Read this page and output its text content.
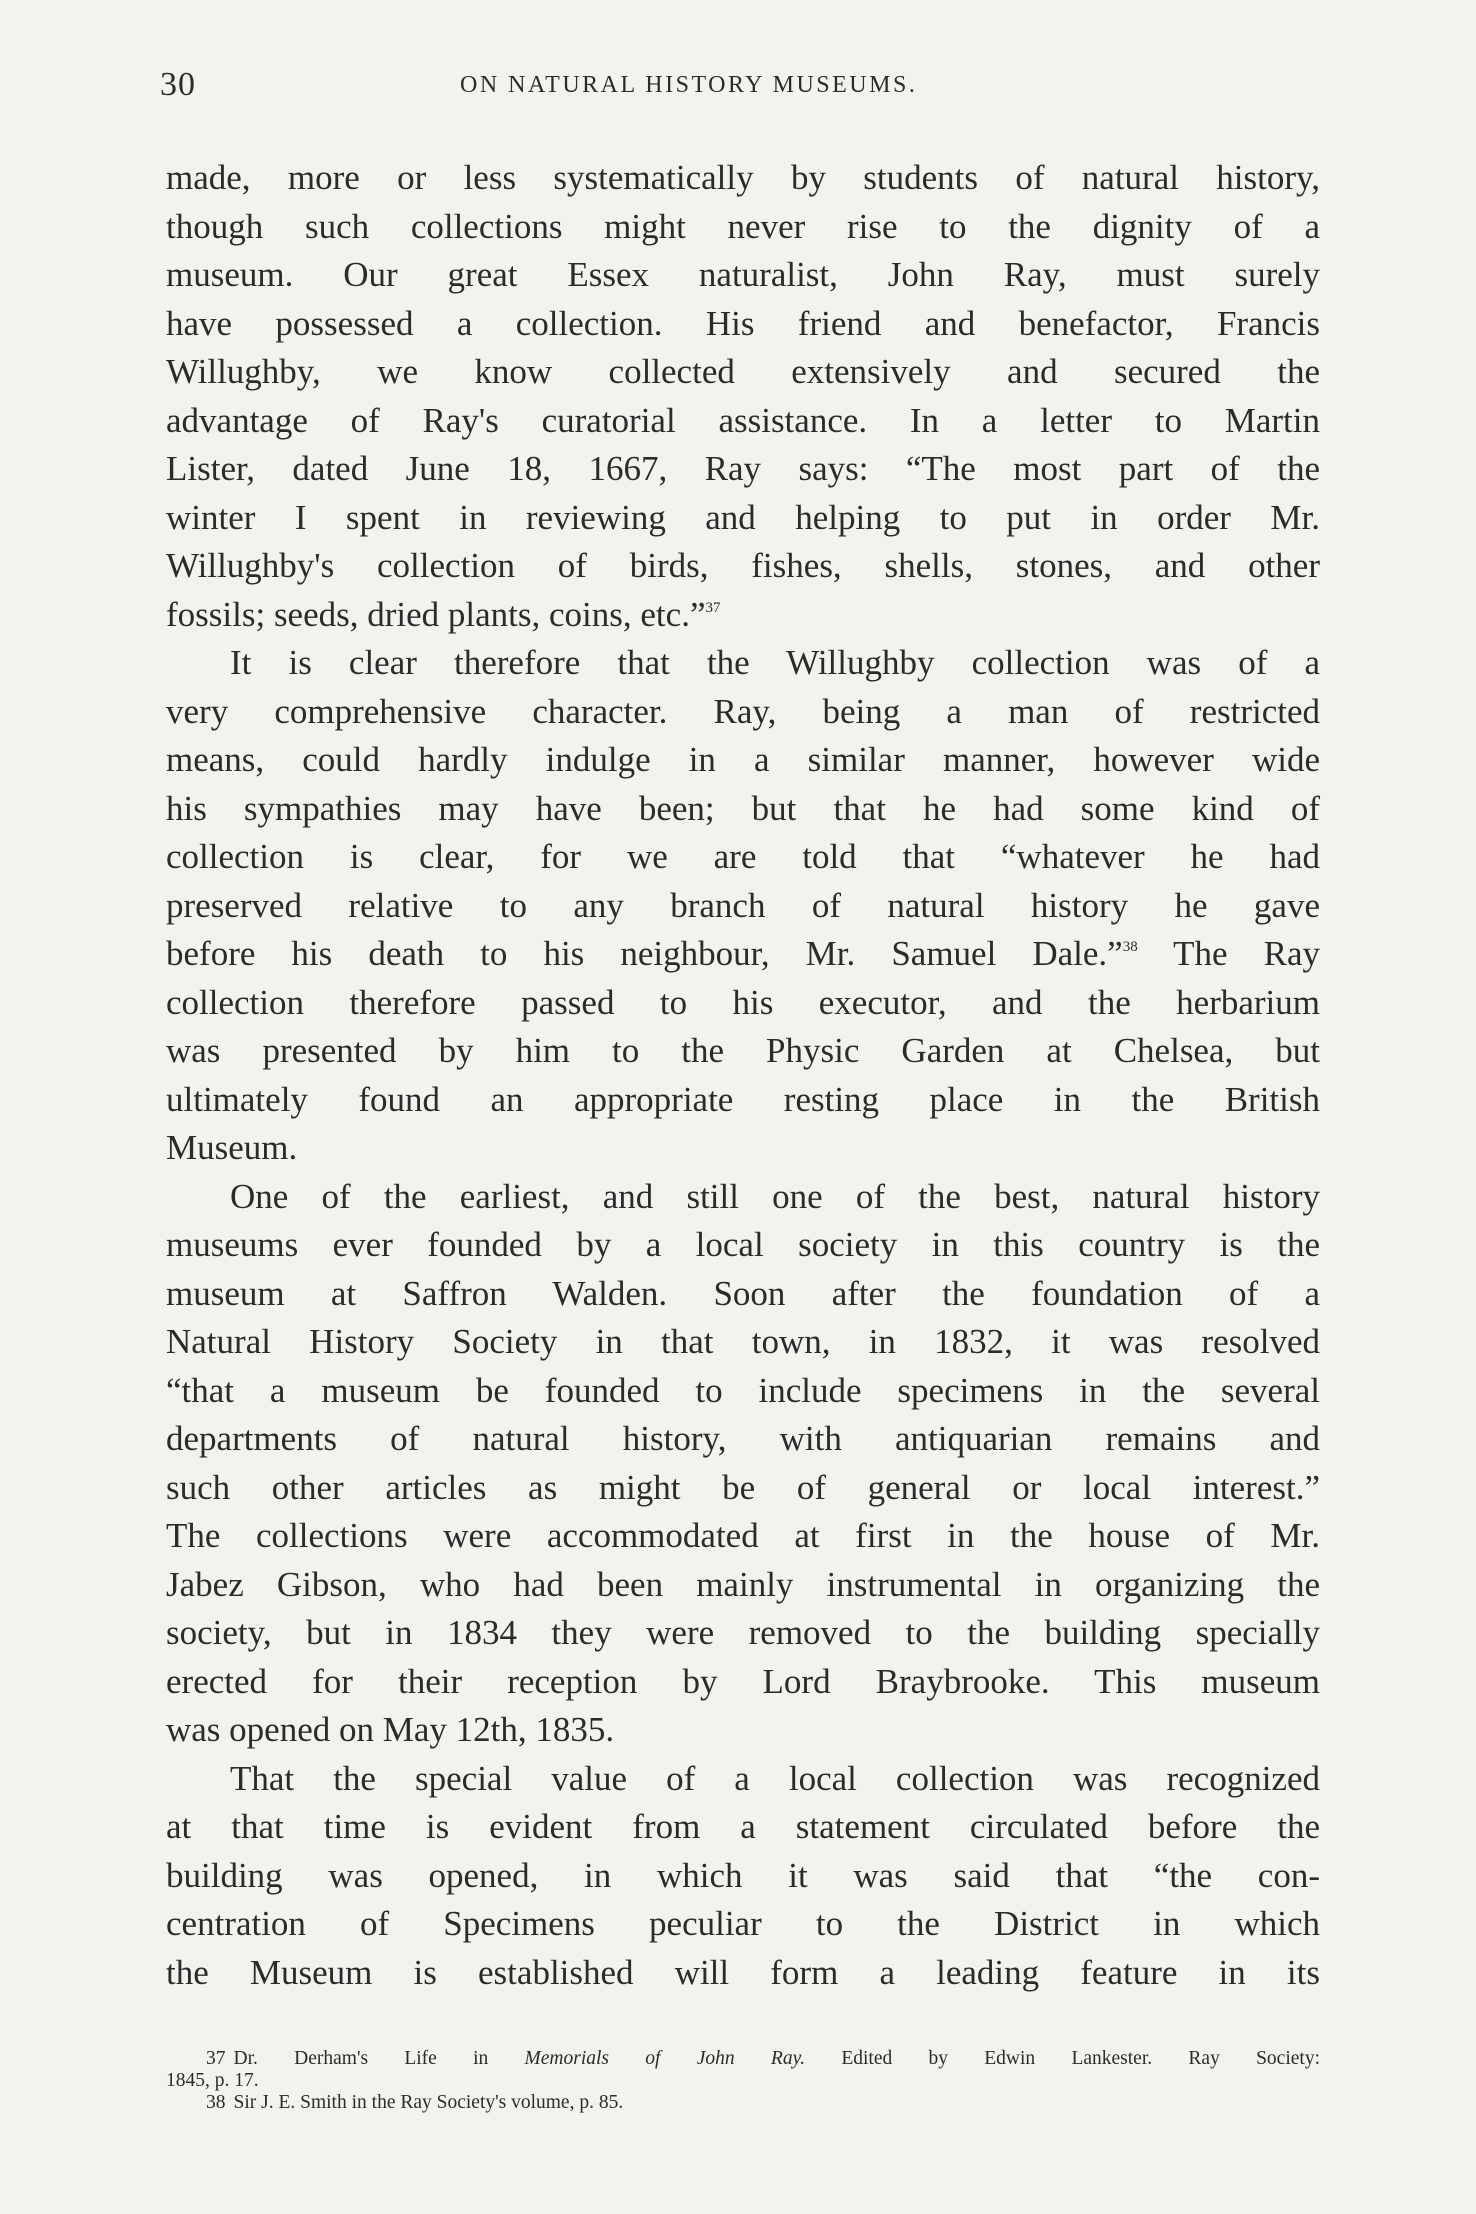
30	ON NATURAL HISTORY MUSEUMS.
made, more or less systematically by students of natural history,
though such collections might never rise to the dignity of a
museum. Our great Essex naturalist, John Ray, must surely
have possessed a collection. His friend and benefactor, Francis
Willughby, we know collected extensively and secured the
advantage of Ray's curatorial assistance. In a letter to Martin
Lister, dated June 18, 1667, Ray says: “The most part of the
winter I spent in reviewing and helping to put in order Mr.
Willughby's collection of birds, fishes, shells, stones, and other
fossils; seeds, dried plants, coins, etc.”$^{37}$
It is clear therefore that the Willughby collection was of a
very comprehensive character. Ray, being a man of restricted
means, could hardly indulge in a similar manner, however wide
his sympathies may have been; but that he had some kind of
collection is clear, for we are told that “whatever he had
preserved relative to any branch of natural history he gave
before his death to his neighbour, Mr. Samuel Dale.”$^{38}$ The Ray
collection therefore passed to his executor, and the herbarium
was presented by him to the Physic Garden at Chelsea, but
ultimately found an appropriate resting place in the British
Museum.
One of the earliest, and still one of the best, natural history
museums ever founded by a local society in this country is the
museum at Saffron Walden. Soon after the foundation of a
Natural History Society in that town, in 1832, it was resolved
“that a museum be founded to include specimens in the several
departments of natural history, with antiquarian remains and
such other articles as might be of general or local interest.”
The collections were accommodated at first in the house of Mr.
Jabez Gibson, who had been mainly instrumental in organizing the
society, but in 1834 they were removed to the building specially
erected for their reception by Lord Braybrooke. This museum
was opened on May 12th, 1835.
That the special value of a local collection was recognized
at that time is evident from a statement circulated before the
building was opened, in which it was said that “the con-
centration of Specimens peculiar to the District in which
the Museum is established will form a leading feature in its
37 Dr. Derham's Life in Memorials of John Ray. Edited by Edwin Lankester. Ray Society:
1845, p. 17.
38 Sir J. E. Smith in the Ray Society's volume, p. 85.
